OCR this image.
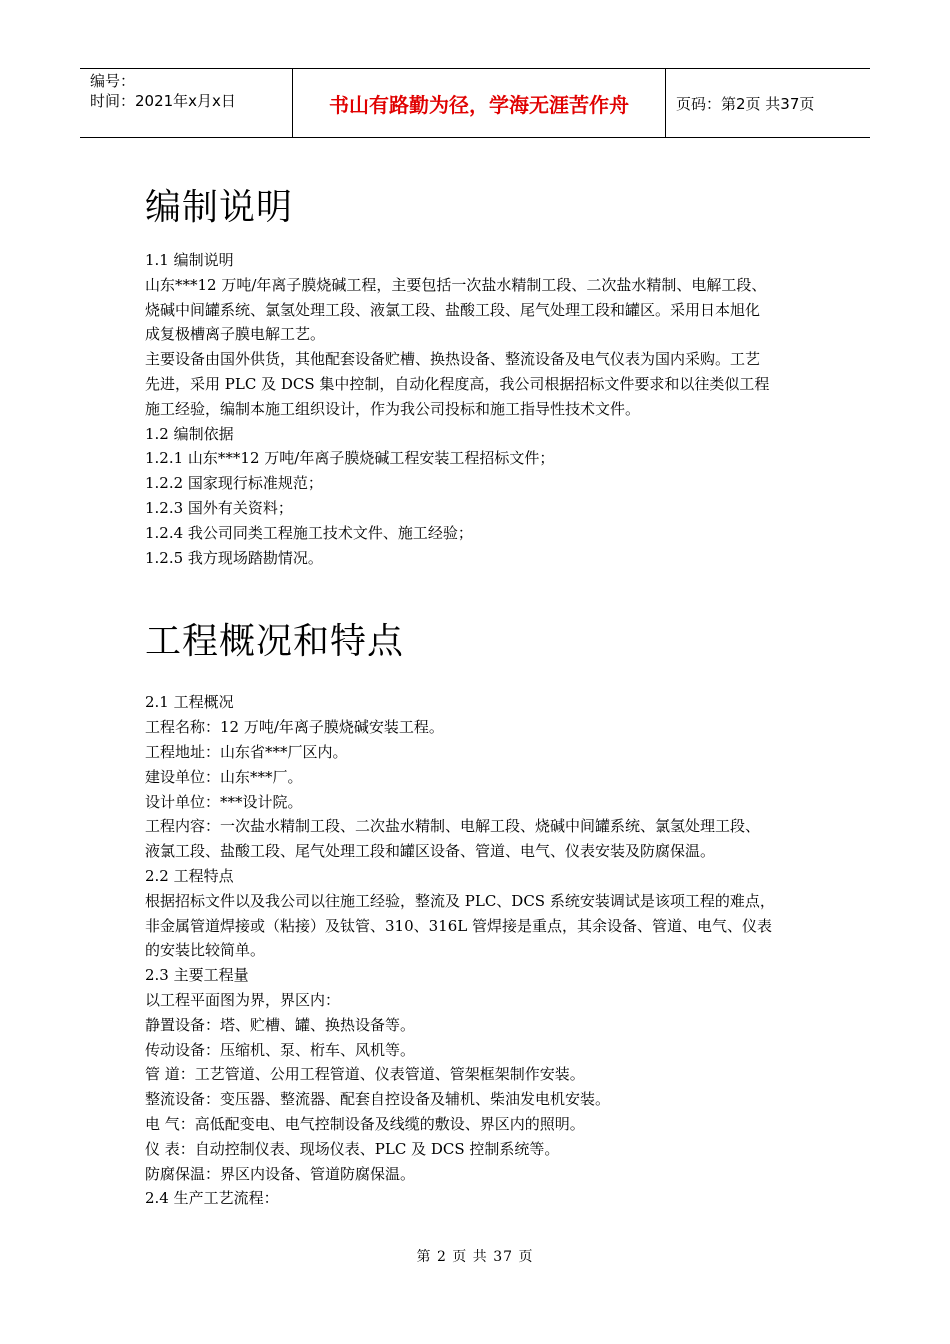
编号：
时间：2021年x月x日	书山有路勤为径，学海无涯苦作舟	页码：第2页 共37页
编制说明

1.1 编制说明

山东***12 万吨/年离子膜烧碱工程，主要包括一次盐水精制工段、二次盐水精制、电解工段、

烧碱中间罐系统、氯氢处理工段、液氯工段、盐酸工段、尾气处理工段和罐区。采用日本旭化

成复极槽离子膜电解工艺。

主要设备由国外供货，其他配套设备贮槽、换热设备、整流设备及电气仪表为国内采购。工艺

先进，采用 PLC 及 DCS 集中控制，自动化程度高，我公司根据招标文件要求和以往类似工程

施工经验，编制本施工组织设计，作为我公司投标和施工指导性技术文件。

1.2 编制依据

1.2.1 山东***12 万吨/年离子膜烧碱工程安装工程招标文件；

1.2.2 国家现行标准规范；

1.2.3 国外有关资料；

1.2.4 我公司同类工程施工技术文件、施工经验；

1.2.5 我方现场踏勘情况。

工程概况和特点

2.1 工程概况

工程名称：12 万吨/年离子膜烧碱安装工程。

工程地址：山东省***厂区内。

建设单位：山东***厂。

设计单位：***设计院。

工程内容：一次盐水精制工段、二次盐水精制、电解工段、烧碱中间罐系统、氯氢处理工段、

液氯工段、盐酸工段、尾气处理工段和罐区设备、管道、电气、仪表安装及防腐保温。

2.2 工程特点

根据招标文件以及我公司以往施工经验，整流及 PLC、DCS 系统安装调试是该项工程的难点，

非金属管道焊接或（粘接）及钛管、310、316L 管焊接是重点，其余设备、管道、电气、仪表

的安装比较简单。

2.3 主要工程量

以工程平面图为界，界区内：

静置设备：塔、贮槽、罐、换热设备等。

传动设备：压缩机、泵、桁车、风机等。

管 道：工艺管道、公用工程管道、仪表管道、管架框架制作安装。

整流设备：变压器、整流器、配套自控设备及辅机、柴油发电机安装。

电 气：高低配变电、电气控制设备及线缆的敷设、界区内的照明。

仪 表：自动控制仪表、现场仪表、PLC 及 DCS 控制系统等。

防腐保温：界区内设备、管道防腐保温。

2.4 生产工艺流程：

第 2 页 共 37 页
